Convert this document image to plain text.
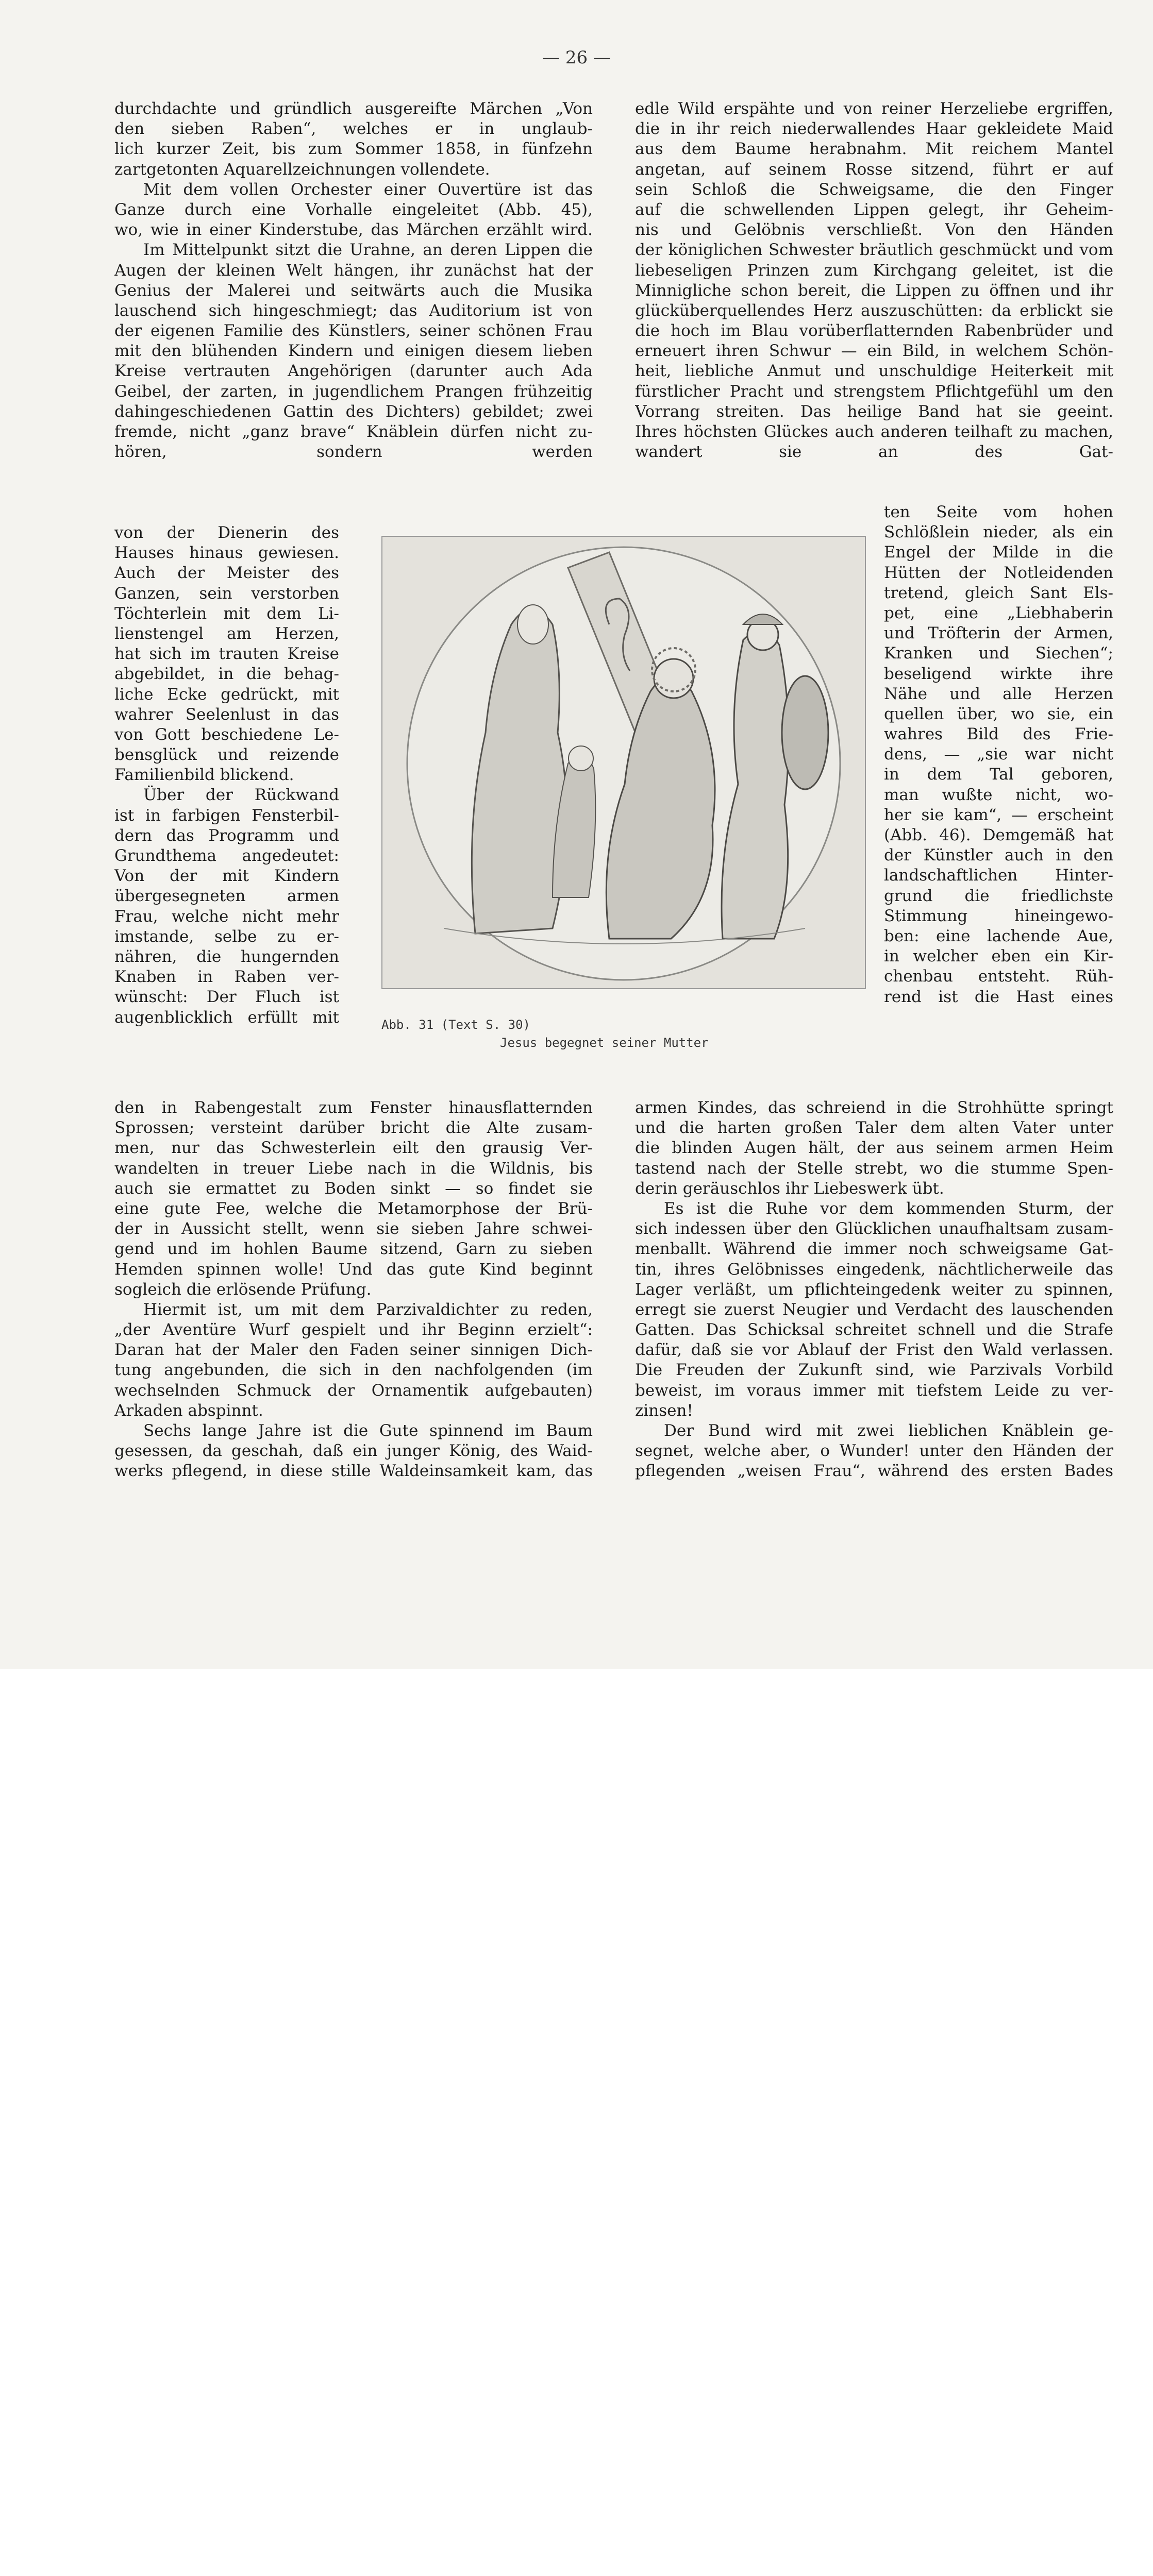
— 26 —
durchdachte und gründlich ausgereifte Märchen „Von
den sieben Raben“, welches er in unglaub-
lich kurzer Zeit, bis zum Sommer 1858, in fünfzehn
zartgetonten Aquarellzeichnungen vollendete.
Mit dem vollen Orchester einer Ouvertüre ist das
Ganze durch eine Vorhalle eingeleitet (Abb. 45),
wo, wie in einer Kinderstube, das Märchen erzählt wird.
Im Mittelpunkt sitzt die Urahne, an deren Lippen die
Augen der kleinen Welt hängen, ihr zunächst hat der
Genius der Malerei und seitwärts auch die Musika
lauschend sich hingeschmiegt; das Auditorium ist von
der eigenen Familie des Künstlers, seiner schönen Frau
mit den blühenden Kindern und einigen diesem lieben
Kreise vertrauten Angehörigen (darunter auch Ada
Geibel, der zarten, in jugendlichem Prangen frühzeitig
dahingeschiedenen Gattin des Dichters) gebildet; zwei
fremde, nicht „ganz brave“ Knäblein dürfen nicht zu-
hören, sondern werden
von der Dienerin des
Hauses hinaus gewiesen.
Auch der Meister des
Ganzen, sein verstorben
Töchterlein mit dem Li-
lienstengel am Herzen,
hat sich im trauten Kreise
abgebildet, in die behag-
liche Ecke gedrückt, mit
wahrer Seelenlust in das
von Gott beschiedene Le-
bensglück und reizende
Familienbild blickend.
Über der Rückwand
ist in farbigen Fensterbil-
dern das Programm und
Grundthema angedeutet:
Von der mit Kindern
übergesegneten armen
Frau, welche nicht mehr
imstande, selbe zu er-
nähren, die hungernden
Knaben in Raben ver-
wünscht: Der Fluch ist
augenblicklich erfüllt mit
den in Rabengestalt zum Fenster hinausflatternden
Sprossen; versteint darüber bricht die Alte zusam-
men, nur das Schwesterlein eilt den grausig Ver-
wandelten in treuer Liebe nach in die Wildnis, bis
auch sie ermattet zu Boden sinkt — so findet sie
eine gute Fee, welche die Metamorphose der Brü-
der in Aussicht stellt, wenn sie sieben Jahre schwei-
gend und im hohlen Baume sitzend, Garn zu sieben
Hemden spinnen wolle! Und das gute Kind beginnt
sogleich die erlösende Prüfung.
Hiermit ist, um mit dem Parzivaldichter zu reden,
„der Aventüre Wurf gespielt und ihr Beginn erzielt“:
Daran hat der Maler den Faden seiner sinnigen Dich-
tung angebunden, die sich in den nachfolgenden (im
wechselnden Schmuck der Ornamentik aufgebauten)
Arkaden abspinnt.
Sechs lange Jahre ist die Gute spinnend im Baum
gesessen, da geschah, daß ein junger König, des Waid-
werks pflegend, in diese stille Waldeinsamkeit kam, das
edle Wild erspähte und von reiner Herzeliebe ergriffen,
die in ihr reich niederwallendes Haar gekleidete Maid
aus dem Baume herabnahm. Mit reichem Mantel
angetan, auf seinem Rosse sitzend, führt er auf
sein Schloß die Schweigsame, die den Finger
auf die schwellenden Lippen gelegt, ihr Geheim-
nis und Gelöbnis verschließt. Von den Händen
der königlichen Schwester bräutlich geschmückt und vom
liebeseligen Prinzen zum Kirchgang geleitet, ist die
Minnigliche schon bereit, die Lippen zu öffnen und ihr
glücküberquellendes Herz auszuschütten: da erblickt sie
die hoch im Blau vorüberflatternden Rabenbrüder und
erneuert ihren Schwur — ein Bild, in welchem Schön-
heit, liebliche Anmut und unschuldige Heiterkeit mit
fürstlicher Pracht und strengstem Pflichtgefühl um den
Vorrang streiten. Das heilige Band hat sie geeint.
Ihres höchsten Glückes auch anderen teilhaft zu machen,
wandert sie an des Gat-
ten Seite vom hohen
Schlößlein nieder, als ein
Engel der Milde in die
Hütten der Notleidenden
tretend, gleich Sant Els-
pet, eine „Liebhaberin
und Tröfterin der Armen,
Kranken und Siechen“;
beseligend wirkte ihre
Nähe und alle Herzen
quellen über, wo sie, ein
wahres Bild des Frie-
dens, — „sie war nicht
in dem Tal geboren,
man wußte nicht, wo-
her sie kam“, — erscheint
(Abb. 46). Demgemäß hat
der Künstler auch in den
landschaftlichen Hinter-
grund die friedlichste
Stimmung hineingewo-
ben: eine lachende Aue,
in welcher eben ein Kir-
chenbau entsteht. Rüh-
rend ist die Hast eines
armen Kindes, das schreiend in die Strohhütte springt
und die harten großen Taler dem alten Vater unter
die blinden Augen hält, der aus seinem armen Heim
tastend nach der Stelle strebt, wo die stumme Spen-
derin geräuschlos ihr Liebeswerk übt.
Es ist die Ruhe vor dem kommenden Sturm, der
sich indessen über den Glücklichen unaufhaltsam zusam-
menballt. Während die immer noch schweigsame Gat-
tin, ihres Gelöbnisses eingedenk, nächtlicherweile das
Lager verläßt, um pflichteingedenk weiter zu spinnen,
erregt sie zuerst Neugier und Verdacht des lauschenden
Gatten. Das Schicksal schreitet schnell und die Strafe
dafür, daß sie vor Ablauf der Frist den Wald verlassen.
Die Freuden der Zukunft sind, wie Parzivals Vorbild
beweist, im voraus immer mit tiefstem Leide zu ver-
zinsen!
Der Bund wird mit zwei lieblichen Knäblein ge-
segnet, welche aber, o Wunder! unter den Händen der
pflegenden „weisen Frau“, während des ersten Bades
Abb. 31 (Text S. 30)
Jesus begegnet seiner Mutter
